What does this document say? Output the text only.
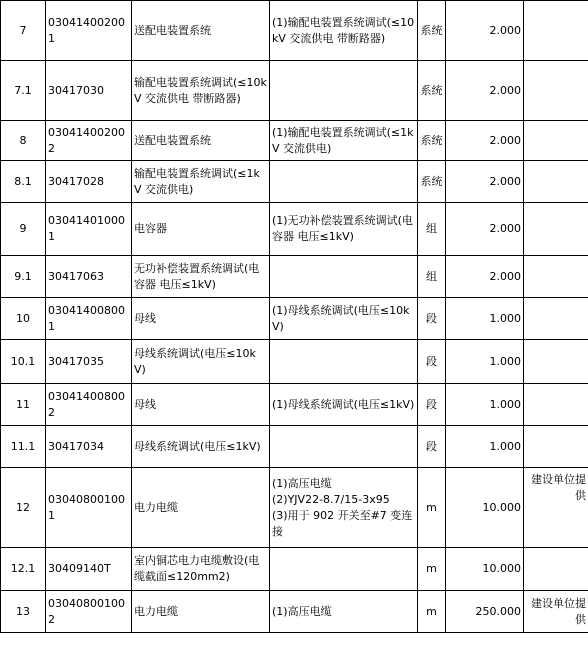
7	030414002001	送配电装置系统	(1)输配电装置系统调试(≤10kV 交流供电 带断路器)	系统	2.000	
7.1	30417030	输配电装置系统调试(≤10kV 交流供电 带断路器)		系统	2.000	
8	030414002002	送配电装置系统	(1)输配电装置系统调试(≤1kV 交流供电)	系统	2.000	
8.1	30417028	输配电装置系统调试(≤1kV 交流供电)		系统	2.000	
9	030414010001	电容器	(1)无功补偿装置系统调试(电容器 电压≤1kV)	组	2.000	
9.1	30417063	无功补偿装置系统调试(电容器 电压≤1kV)		组	2.000	
10	030414008001	母线	(1)母线系统调试(电压≤10kV)	段	1.000	
10.1	30417035	母线系统调试(电压≤10kV)		段	1.000	
11	030414008002	母线	(1)母线系统调试(电压≤1kV)	段	1.000	
11.1	30417034	母线系统调试(电压≤1kV)		段	1.000	
12	030408001001	电力电缆	(1)高压电缆
(2)YJV22-8.7/15-3x95
(3)用于 902 开关至#7 变连接	m	10.000	建设单位提供
12.1	30409140T	室内铜芯电力电缆敷设(电缆截面≤120mm2)		m	10.000	
13	030408001002	电力电缆	(1)高压电缆	m	250.000	建设单位提供
